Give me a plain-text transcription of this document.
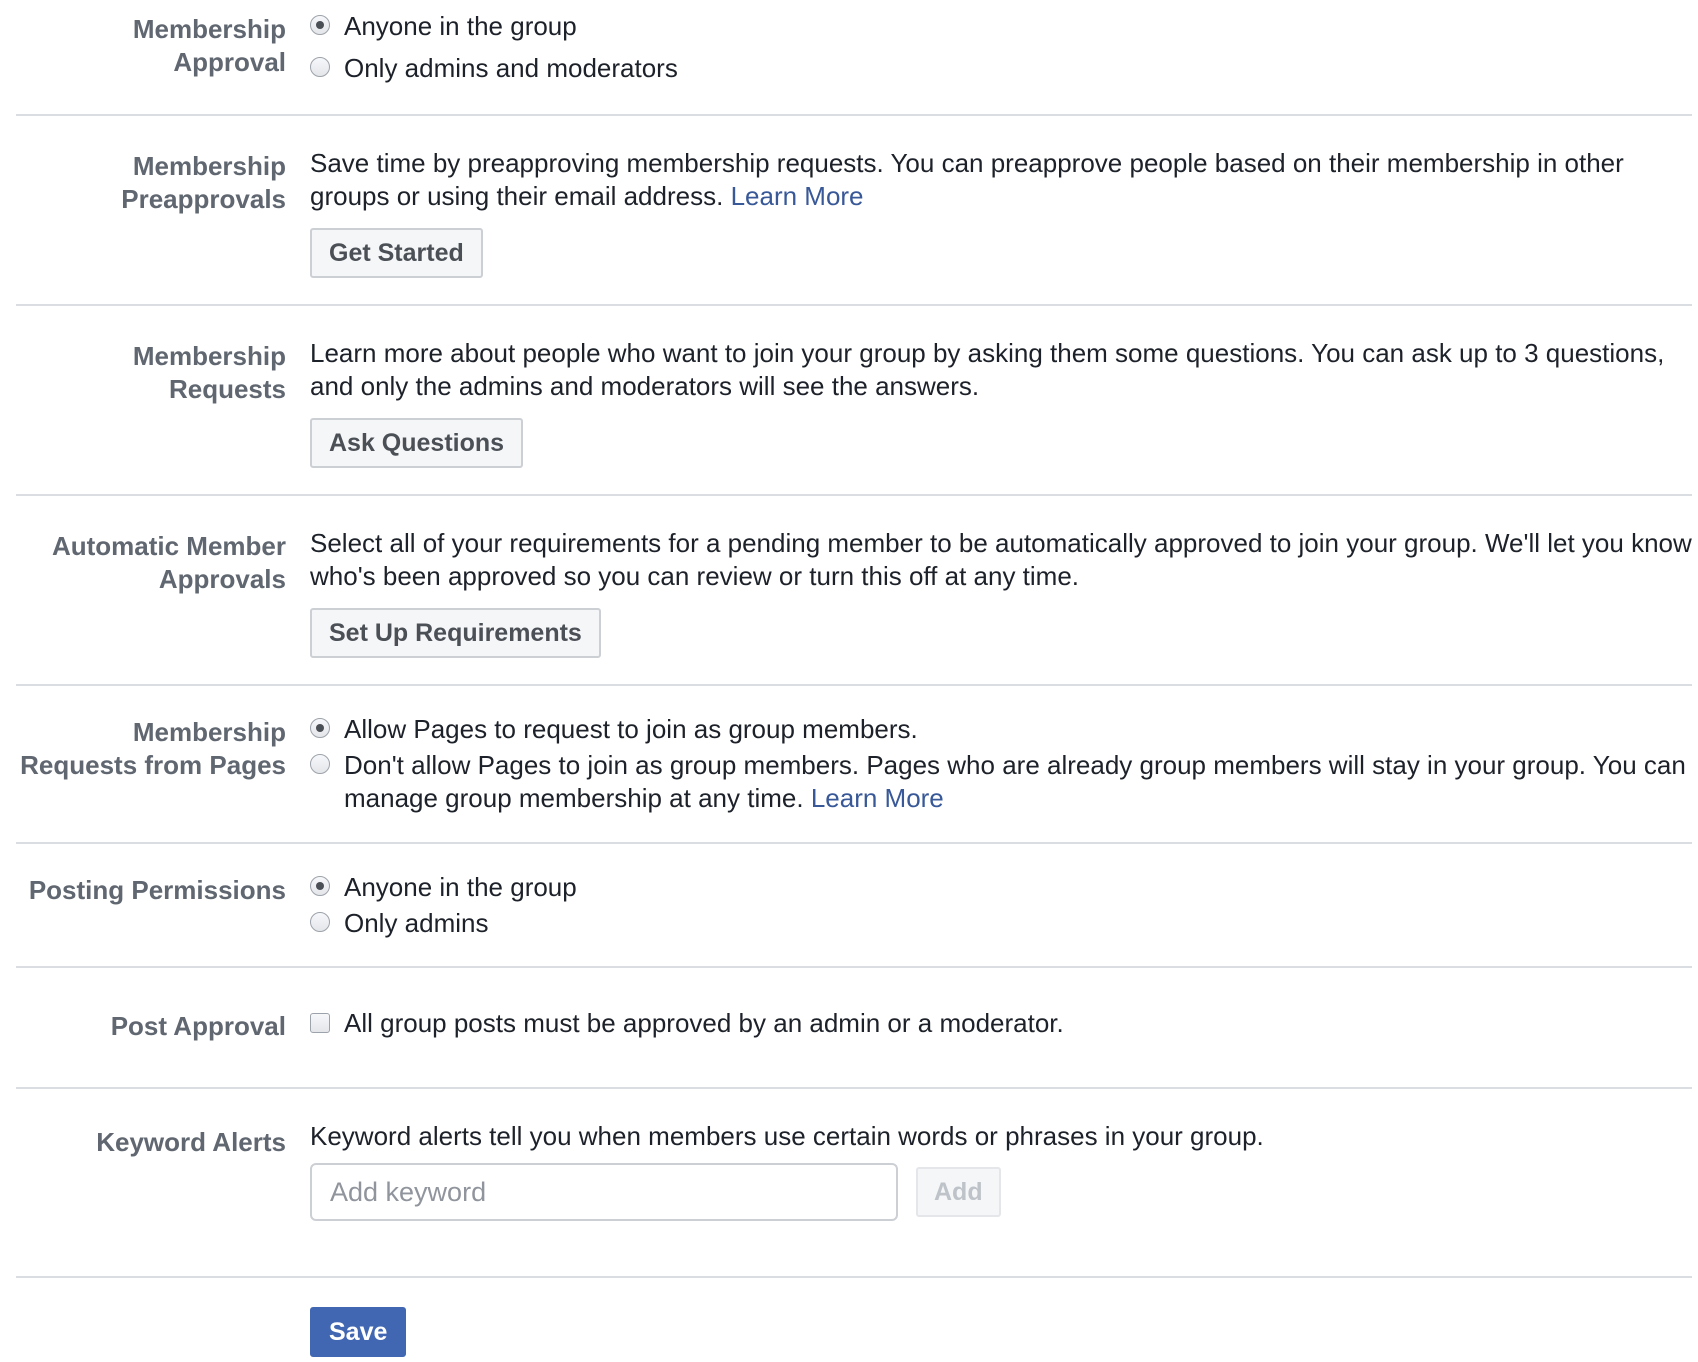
Membership
Approval
Anyone in the group
Only admins and moderators
Membership
Preapprovals

Save time by preapproving membership requests. You can preapprove people based on their membership in other groups or using their email address. Learn More

Get Started
Membership
Requests

Learn more about people who want to join your group by asking them some questions. You can ask up to 3 questions, and only the admins and moderators will see the answers.

Ask Questions
Automatic Member
Approvals

Select all of your requirements for a pending member to be automatically approved to join your group. We'll let you know who's been approved so you can review or turn this off at any time.

Set Up Requirements
Membership
Requests from Pages
Allow Pages to request to join as group members.
Don't allow Pages to join as group members. Pages who are already group members will stay in your group. You can manage group membership at any time. Learn More
Posting Permissions Anyone in the group
Only admins
Post Approval All group posts must be approved by an admin or a moderator.
Keyword Alerts Keyword alerts tell you when members use certain words or phrases in your group.

Add keyword
Add
Save
